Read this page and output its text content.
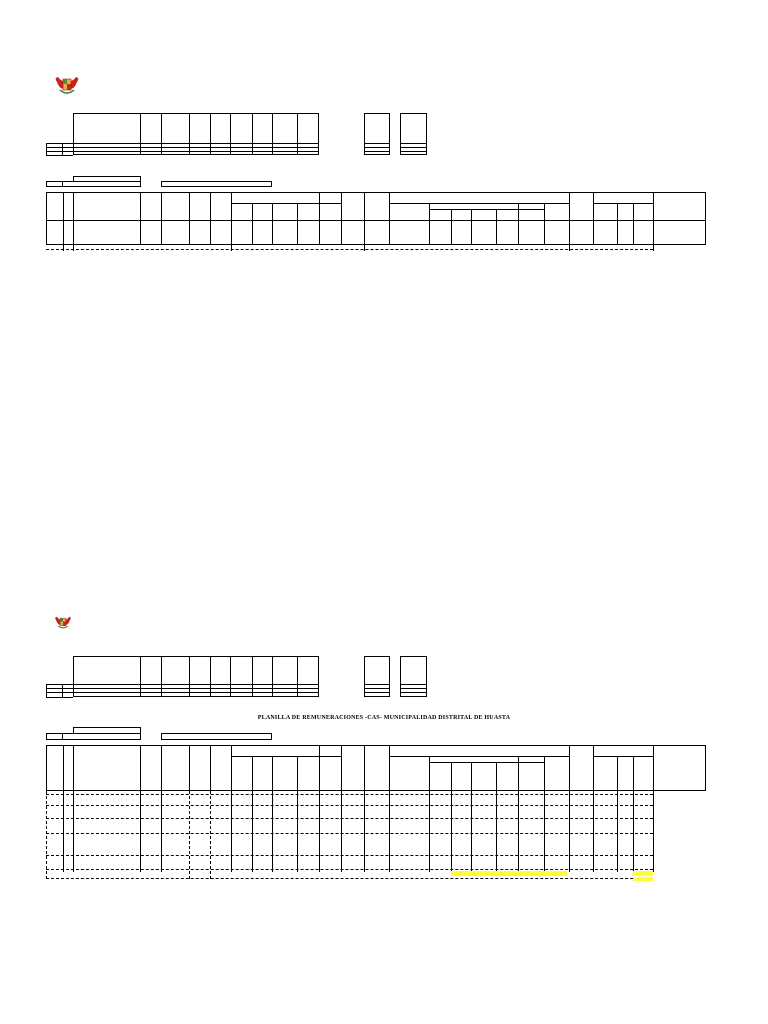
PLANILLA DE REMUNERACIONES -CAS- MUNICIPALIDAD DISTRITAL DE HUASTA
